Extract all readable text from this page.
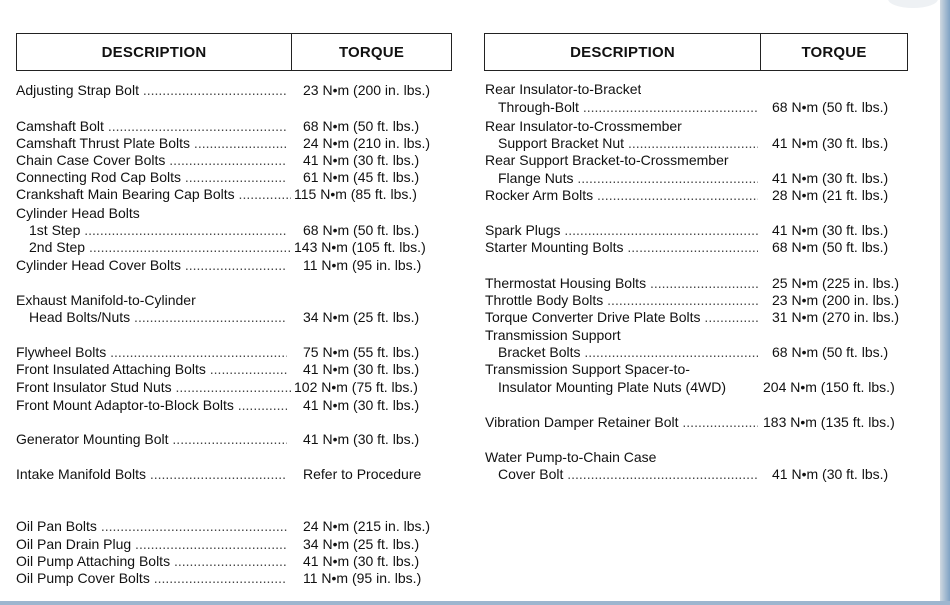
DESCRIPTION	TORQUE
Adjusting Strap Bolt .....	23 N•m (200 in. lbs.)
Camshaft Bolt .....	68 N•m (50 ft. lbs.)
Camshaft Thrust Plate Bolts .....	24 N•m (210 in. lbs.)
Chain Case Cover Bolts .....	41 N•m (30 ft. lbs.)
Connecting Rod Cap Bolts .....	61 N•m (45 ft. lbs.)
Crankshaft Main Bearing Cap Bolts .....	115 N•m (85 ft. lbs.)
Cylinder Head Bolts
1st Step .....	68 N•m (50 ft. lbs.)
2nd Step .....	143 N•m (105 ft. lbs.)
Cylinder Head Cover Bolts .....	11 N•m (95 in. lbs.)
Exhaust Manifold-to-Cylinder
Head Bolts/Nuts .....	34 N•m (25 ft. lbs.)
Flywheel Bolts .....	75 N•m (55 ft. lbs.)
Front Insulated Attaching Bolts .....	41 N•m (30 ft. lbs.)
Front Insulator Stud Nuts .....	102 N•m (75 ft. lbs.)
Front Mount Adaptor-to-Block Bolts .....	41 N•m (30 ft. lbs.)
Generator Mounting Bolt .....	41 N•m (30 ft. lbs.)
Intake Manifold Bolts .....	Refer to Procedure
Oil Pan Bolts .....	24 N•m (215 in. lbs.)
Oil Pan Drain Plug .....	34 N•m (25 ft. lbs.)
Oil Pump Attaching Bolts .....	41 N•m (30 ft. lbs.)
Oil Pump Cover Bolts .....	11 N•m (95 in. lbs.)
DESCRIPTION	TORQUE
Rear Insulator-to-Bracket
Through-Bolt .....	68 N•m (50 ft. lbs.)
Rear Insulator-to-Crossmember
Support Bracket Nut .....	41 N•m (30 ft. lbs.)
Rear Support Bracket-to-Crossmember
Flange Nuts .....	41 N•m (30 ft. lbs.)
Rocker Arm Bolts .....	28 N•m (21 ft. lbs.)
Spark Plugs .....	41 N•m (30 ft. lbs.)
Starter Mounting Bolts .....	68 N•m (50 ft. lbs.)
Thermostat Housing Bolts .....	25 N•m (225 in. lbs.)
Throttle Body Bolts .....	23 N•m (200 in. lbs.)
Torque Converter Drive Plate Bolts .....	31 N•m (270 in. lbs.)
Transmission Support
Bracket Bolts .....	68 N•m (50 ft. lbs.)
Transmission Support Spacer-to-
Insulator Mounting Plate Nuts (4WD)	204 N•m (150 ft. lbs.)
Vibration Damper Retainer Bolt .....	183 N•m (135 ft. lbs.)
Water Pump-to-Chain Case
Cover Bolt .....	41 N•m (30 ft. lbs.)
